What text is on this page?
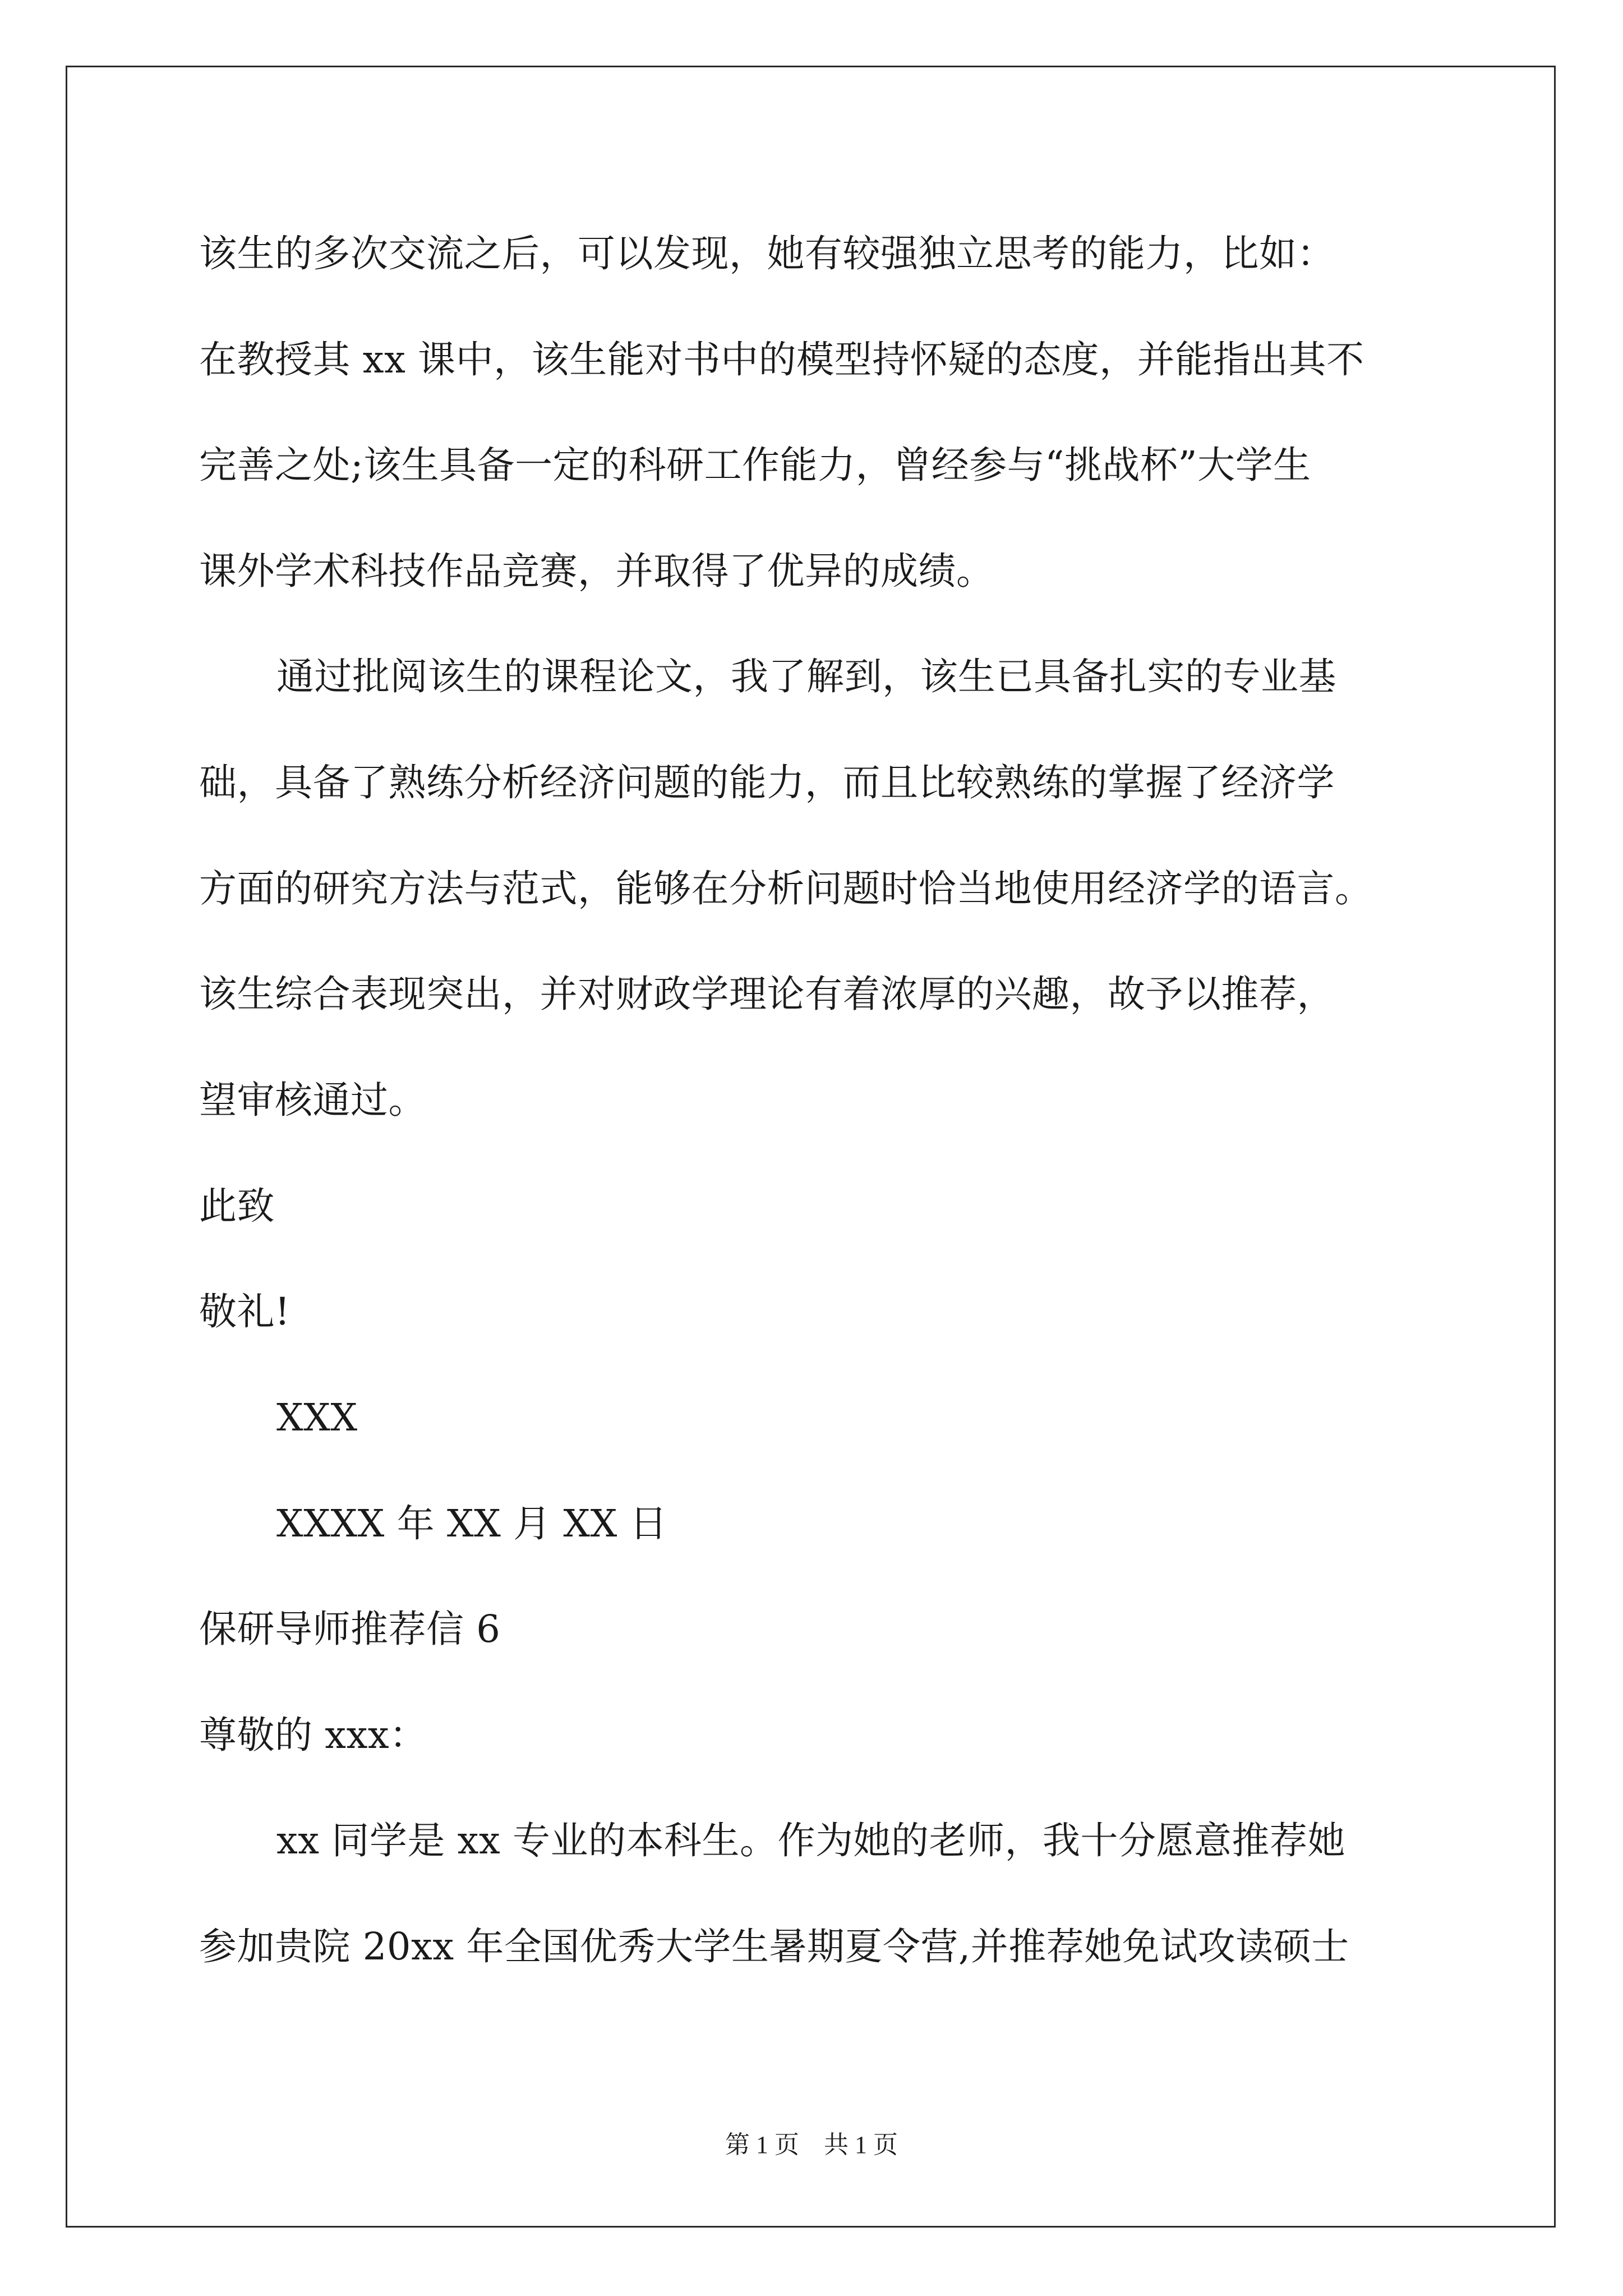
该生的多次交流之后，可以发现，她有较强独立思考的能力，比如：

在教授其 xx 课中，该生能对书中的模型持怀疑的态度，并能指出其不

完善之处;该生具备一定的科研工作能力，曾经参与“挑战杯”大学生

课外学术科技作品竞赛，并取得了优异的成绩。

通过批阅该生的课程论文，我了解到，该生已具备扎实的专业基

础，具备了熟练分析经济问题的能力，而且比较熟练的掌握了经济学

方面的研究方法与范式，能够在分析问题时恰当地使用经济学的语言。

该生综合表现突出，并对财政学理论有着浓厚的兴趣，故予以推荐，

望审核通过。

此致

敬礼!

XXX

XXXX 年 XX 月 XX 日

保研导师推荐信 6

尊敬的 xxx：

xx 同学是 xx 专业的本科生。作为她的老师，我十分愿意推荐她

参加贵院 20xx 年全国优秀大学生暑期夏令营,并推荐她免试攻读硕士

第 1 页    共 1 页
